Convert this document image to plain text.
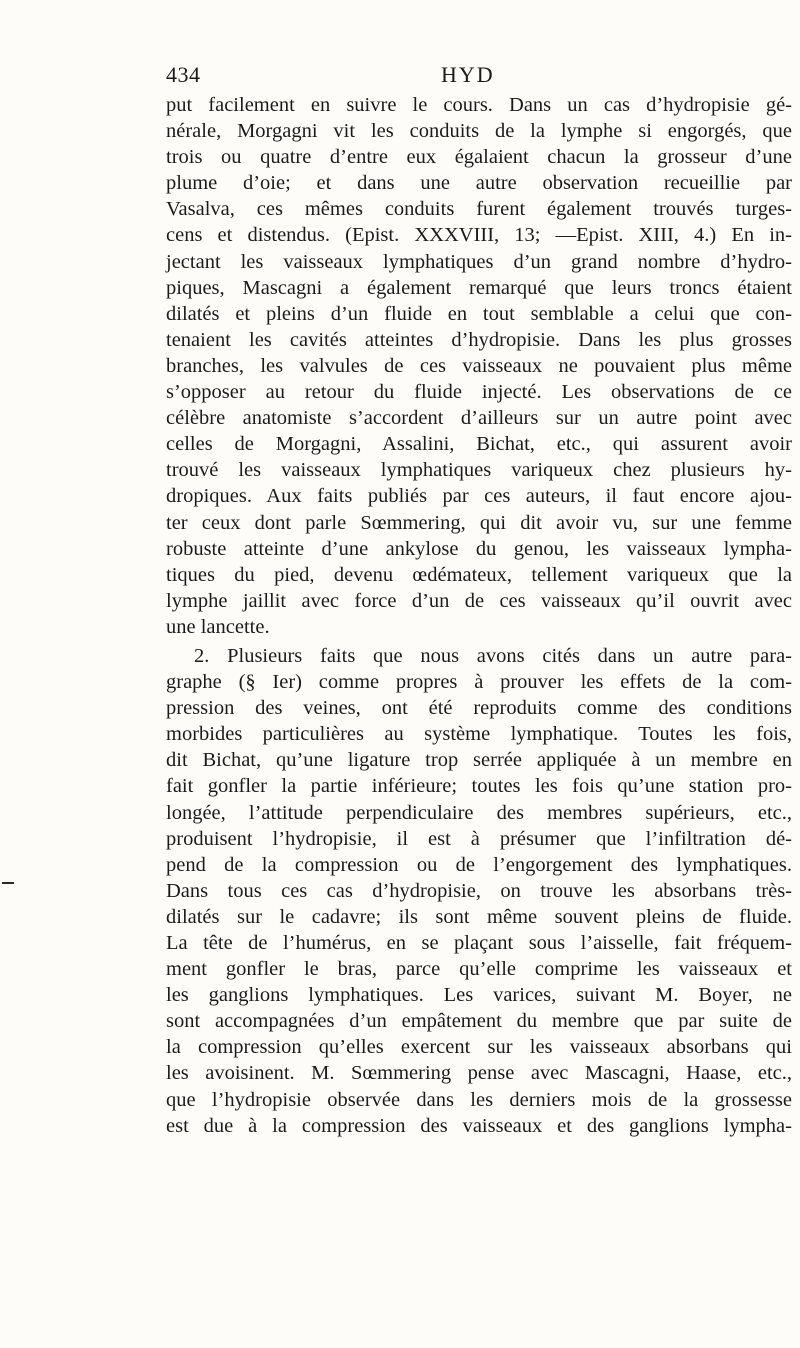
434	HYD
put facilement en suivre le cours. Dans un cas d’hydropisie gé-
nérale, Morgagni vit les conduits de la lymphe si engorgés, que
trois ou quatre d’entre eux égalaient chacun la grosseur d’une
plume d’oie; et dans une autre observation recueillie par
Vasalva, ces mêmes conduits furent également trouvés turges-
cens et distendus. (Epist. XXXVIII, 13; —Epist. XIII, 4.) En in-
jectant les vaisseaux lymphatiques d’un grand nombre d’hydro-
piques, Mascagni a également remarqué que leurs troncs étaient
dilatés et pleins d’un fluide en tout semblable a celui que con-
tenaient les cavités atteintes d’hydropisie. Dans les plus grosses
branches, les valvules de ces vaisseaux ne pouvaient plus même
s’opposer au retour du fluide injecté. Les observations de ce
célèbre anatomiste s’accordent d’ailleurs sur un autre point avec
celles de Morgagni, Assalini, Bichat, etc., qui assurent avoir
trouvé les vaisseaux lymphatiques variqueux chez plusieurs hy-
dropiques. Aux faits publiés par ces auteurs, il faut encore ajou-
ter ceux dont parle Sœmmering, qui dit avoir vu, sur une femme
robuste atteinte d’une ankylose du genou, les vaisseaux lympha-
tiques du pied, devenu œdémateux, tellement variqueux que la
lymphe jaillit avec force d’un de ces vaisseaux qu’il ouvrit avec
une lancette.
2. Plusieurs faits que nous avons cités dans un autre para-
graphe (§ Ier) comme propres à prouver les effets de la com-
pression des veines, ont été reproduits comme des conditions
morbides particulières au système lymphatique. Toutes les fois,
dit Bichat, qu’une ligature trop serrée appliquée à un membre en
fait gonfler la partie inférieure; toutes les fois qu’une station pro-
longée, l’attitude perpendiculaire des membres supérieurs, etc.,
produisent l’hydropisie, il est à présumer que l’infiltration dé-
pend de la compression ou de l’engorgement des lymphatiques.
Dans tous ces cas d’hydropisie, on trouve les absorbans très-
dilatés sur le cadavre; ils sont même souvent pleins de fluide.
La tête de l’humérus, en se plaçant sous l’aisselle, fait fréquem-
ment gonfler le bras, parce qu’elle comprime les vaisseaux et
les ganglions lymphatiques. Les varices, suivant M. Boyer, ne
sont accompagnées d’un empâtement du membre que par suite de
la compression qu’elles exercent sur les vaisseaux absorbans qui
les avoisinent. M. Sœmmering pense avec Mascagni, Haase, etc.,
que l’hydropisie observée dans les derniers mois de la grossesse
est due à la compression des vaisseaux et des ganglions lympha-
